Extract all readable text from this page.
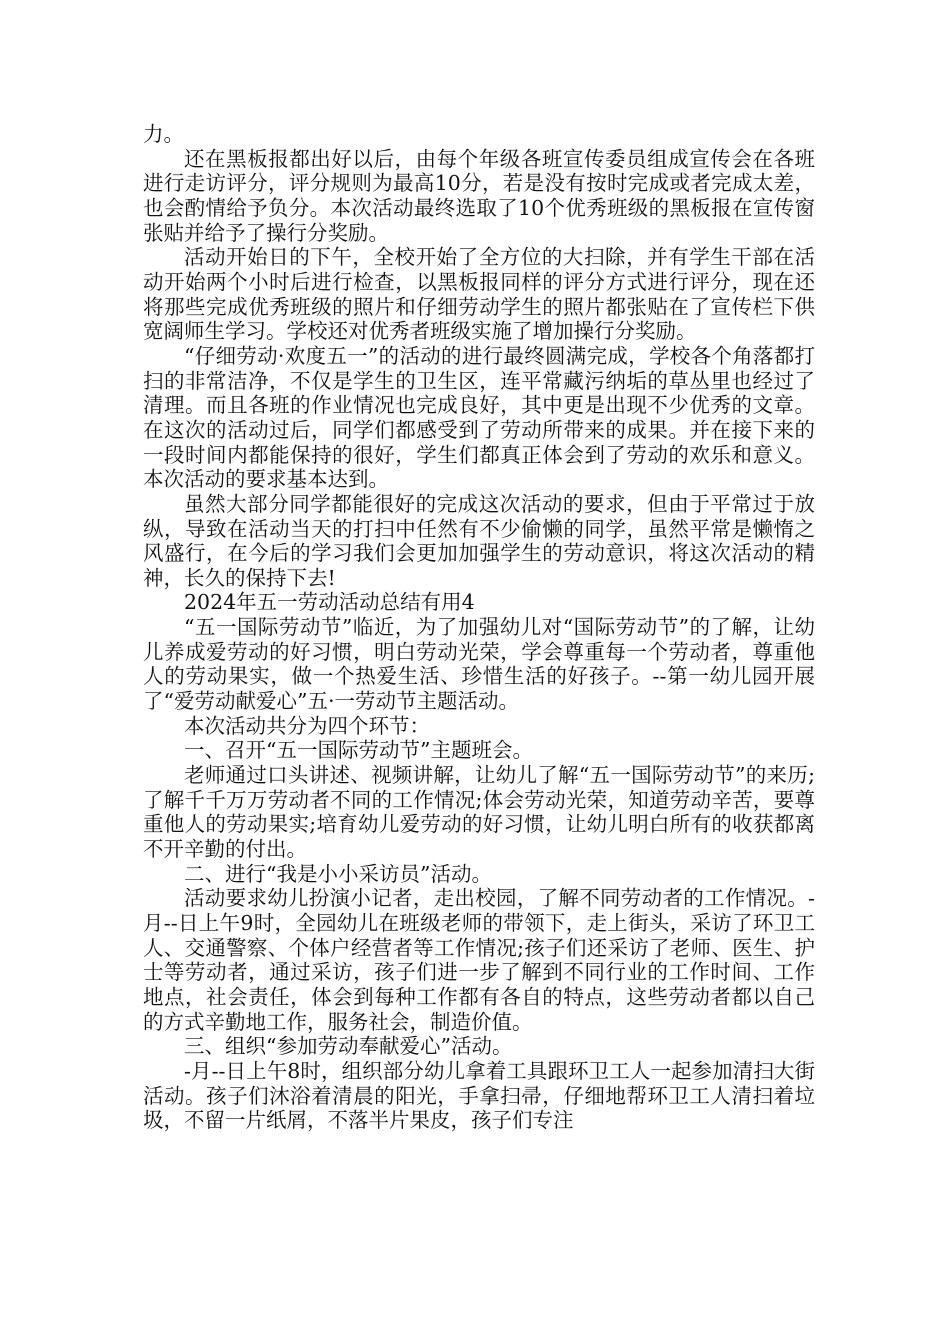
力。

还在黑板报都出好以后，由每个年级各班宣传委员组成宣传会在各班进行走访评分，评分规则为最高10分，若是没有按时完成或者完成太差，也会酌情给予负分。本次活动最终选取了10个优秀班级的黑板报在宣传窗张贴并给予了操行分奖励。

活动开始日的下午，全校开始了全方位的大扫除，并有学生干部在活动开始两个小时后进行检查，以黑板报同样的评分方式进行评分，现在还将那些完成优秀班级的照片和仔细劳动学生的照片都张贴在了宣传栏下供宽阔师生学习。学校还对优秀者班级实施了增加操行分奖励。

“仔细劳动·欢度五一”的活动的进行最终圆满完成，学校各个角落都打扫的非常洁净，不仅是学生的卫生区，连平常藏污纳垢的草丛里也经过了清理。而且各班的作业情况也完成良好，其中更是出现不少优秀的文章。在这次的活动过后，同学们都感受到了劳动所带来的成果。并在接下来的一段时间内都能保持的很好，学生们都真正体会到了劳动的欢乐和意义。本次活动的要求基本达到。

虽然大部分同学都能很好的完成这次活动的要求，但由于平常过于放纵，导致在活动当天的打扫中任然有不少偷懒的同学，虽然平常是懒惰之风盛行，在今后的学习我们会更加加强学生的劳动意识，将这次活动的精神，长久的保持下去!

2024年五一劳动活动总结有用4

“五一国际劳动节”临近，为了加强幼儿对“国际劳动节”的了解，让幼儿养成爱劳动的好习惯，明白劳动光荣，学会尊重每一个劳动者，尊重他人的劳动果实，做一个热爱生活、珍惜生活的好孩子。--第一幼儿园开展了“爱劳动献爱心”五·一劳动节主题活动。

本次活动共分为四个环节：

一、召开“五一国际劳动节”主题班会。

老师通过口头讲述、视频讲解，让幼儿了解“五一国际劳动节”的来历;了解千千万万劳动者不同的工作情况;体会劳动光荣，知道劳动辛苦，要尊重他人的劳动果实;培育幼儿爱劳动的好习惯，让幼儿明白所有的收获都离不开辛勤的付出。

二、进行“我是小小采访员”活动。

活动要求幼儿扮演小记者，走出校园，了解不同劳动者的工作情况。-月--日上午9时，全园幼儿在班级老师的带领下，走上街头，采访了环卫工人、交通警察、个体户经营者等工作情况;孩子们还采访了老师、医生、护士等劳动者，通过采访，孩子们进一步了解到不同行业的工作时间、工作地点，社会责任，体会到每种工作都有各自的特点，这些劳动者都以自己的方式辛勤地工作，服务社会，制造价值。

三、组织“参加劳动奉献爱心”活动。

-月--日上午8时，组织部分幼儿拿着工具跟环卫工人一起参加清扫大街活动。孩子们沐浴着清晨的阳光，手拿扫帚，仔细地帮环卫工人清扫着垃圾，不留一片纸屑，不落半片果皮，孩子们专注
